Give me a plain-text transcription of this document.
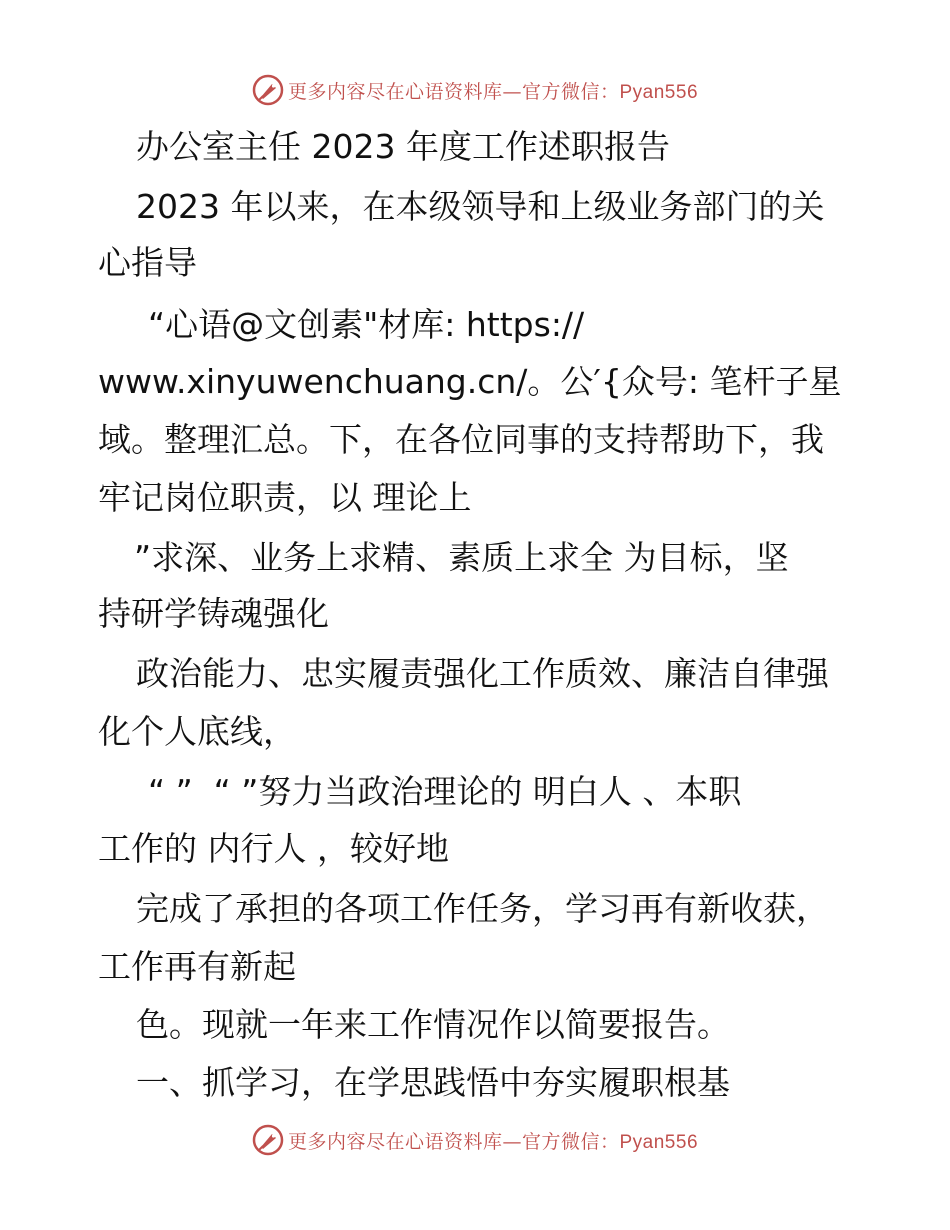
更多内容尽在心语资料库—官方微信：Pyan556
办公室主任 2023 年度工作述职报告
2023 年以来，在本级领导和上级业务部门的关
心指导
“心语@文创素"材库: https://
www.xinyuwenchuang.cn/。公′{众号: 笔杆子星
域。整理汇总。下，在各位同事的支持帮助下，我
牢记岗位职责，以 理论上
”求深、业务上求精、素质上求全 为目标，坚
持研学铸魂强化
政治能力、忠实履责强化工作质效、廉洁自律强
化个人底线，
“ ”  “ ”努力当政治理论的 明白人 、本职
工作的 内行人 ，较好地
完成了承担的各项工作任务，学习再有新收获，
工作再有新起
色。现就一年来工作情况作以简要报告。
一、抓学习，在学思践悟中夯实履职根基
更多内容尽在心语资料库—官方微信：Pyan556
